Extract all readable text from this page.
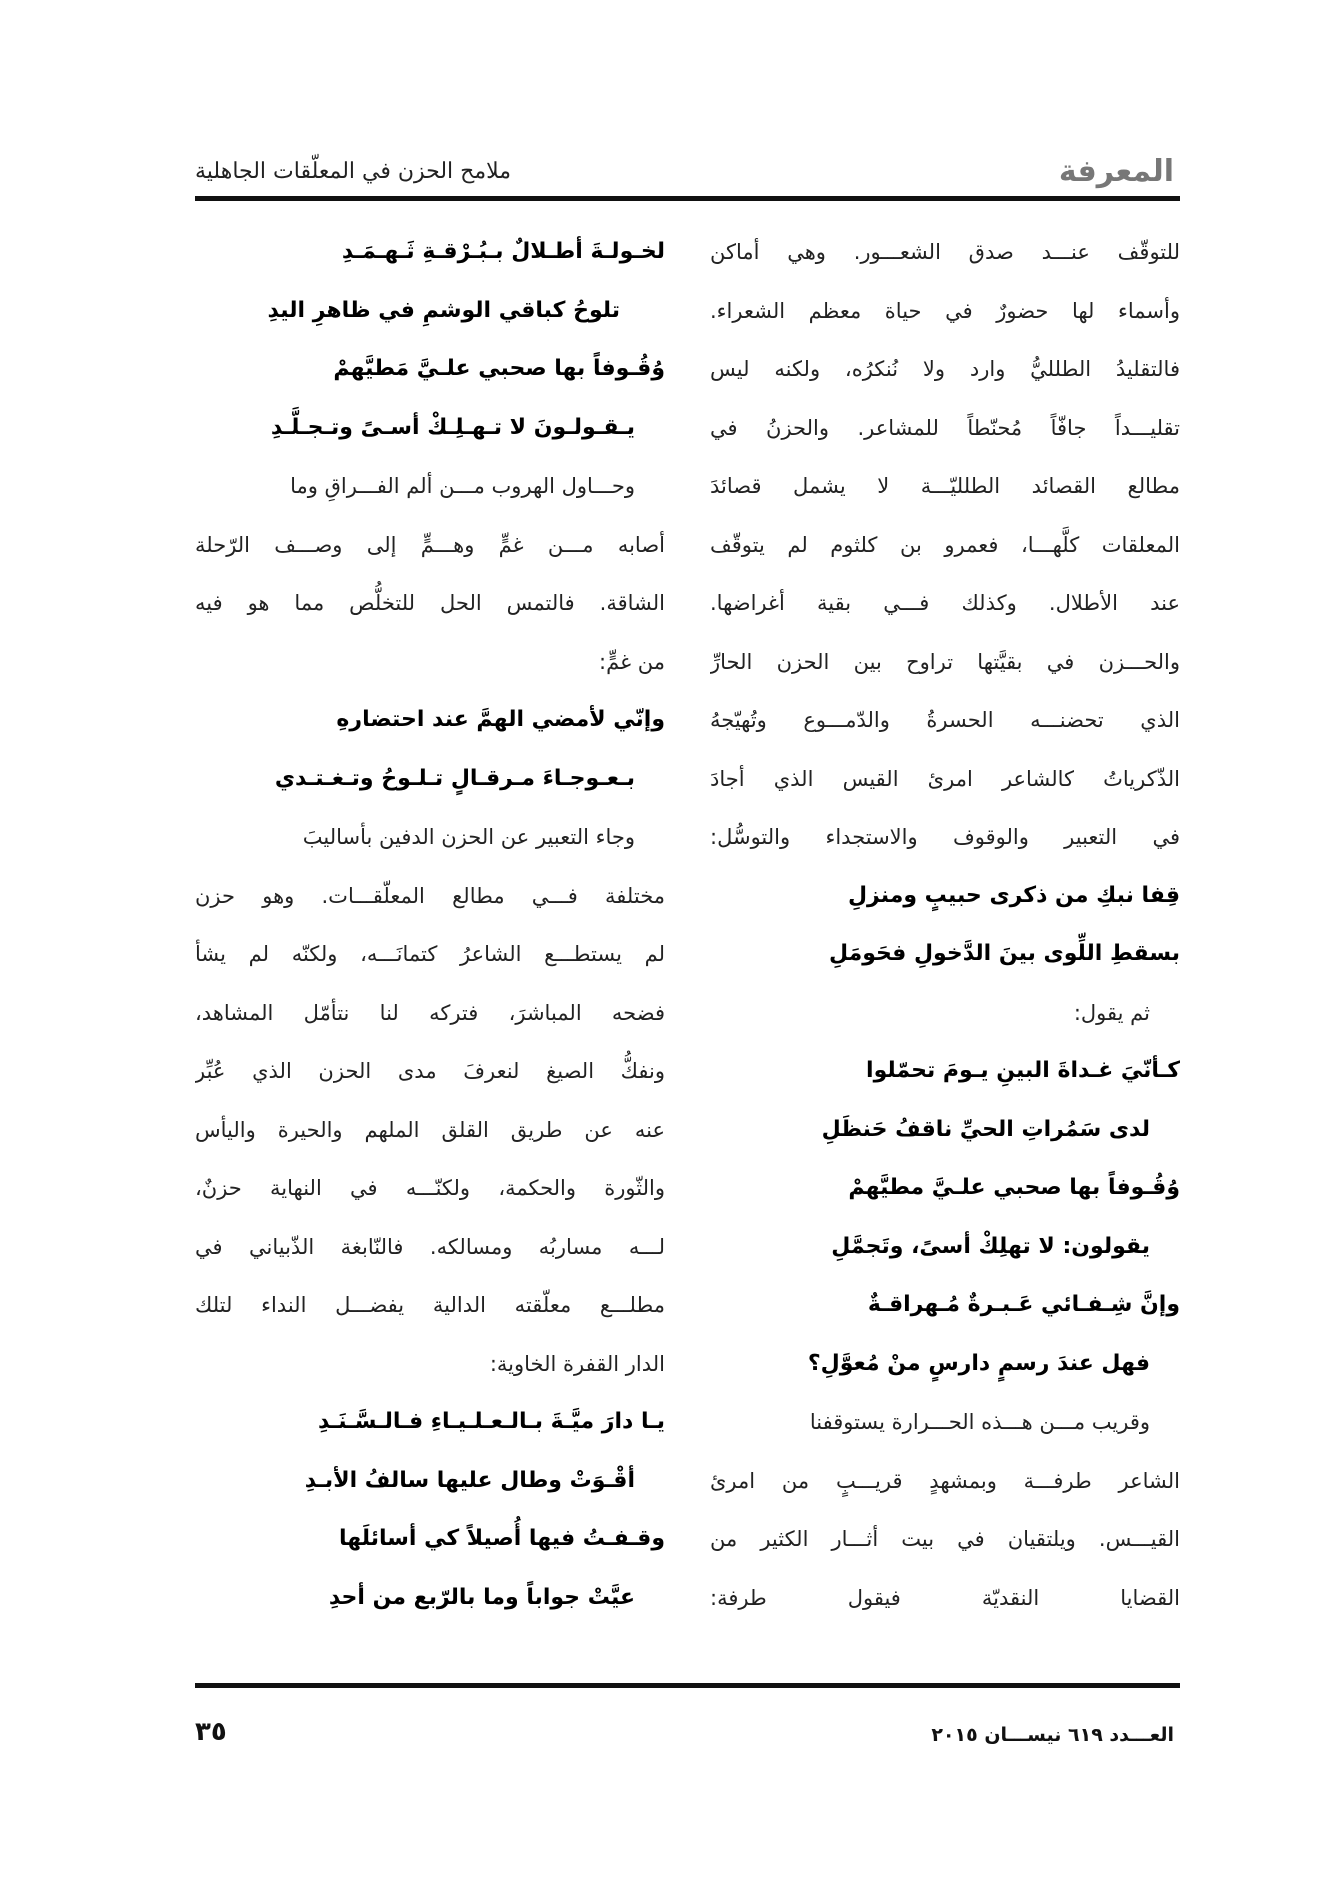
المعرفة
ملامح الحزن في المعلّقات الجاهلية
للتوقّف عنـــد صدق الشعـــور. وهي أماكن
وأسماء لها حضورٌ في حياة معظم الشعراء.
فالتقليدُ الطلليُّ وارد ولا نُنكرُه، ولكنه ليس
تقليـــداً جافّاً مُحنّطاً للمشاعر. والحزنُ في
مطالع القصائد الطلليّـــة لا يشمل قصائدَ
المعلقات كلَّهـــا، فعمرو بن كلثوم لم يتوقّف
عند الأطلال. وكذلك فـــي بقية أغراضها.
والحـــزن في بقيَّتها تراوح بين الحزن الحارِّ
الذي تحضنـــه الحسرةُ والدّمـــوع وتُهيّجهُ
الذّكرياتُ كالشاعر امرئ القيس الذي أجادَ
في التعبير والوقوف والاستجداء والتوسُّل:
قِفا نبكِ من ذكرى حبيبٍ ومنزلِ
بسقطِ اللِّوى بينَ الدَّخولِ فحَومَلِ
ثم يقول:
كـأنّيَ غـداةَ البينِ يـومَ تحمّلوا
لدى سَمُراتِ الحيِّ ناقفُ حَنظَلِ
وُقُـوفاً بها صحبي علـيَّ مطيَّهمْ
يقولون: لا تهلِكْ أسىً، وتَجمَّلِ
وإنَّ شِـفـائي عَـبـرةٌ مُـهراقـةٌ
فهل عندَ رسمٍ دارسٍ منْ مُعوَّلِ؟
وقريب مـــن هـــذه الحـــرارة يستوقفنا
الشاعر طرفـــة وبمشهدٍ قريـــبٍ من امرئ
القيـــس. ويلتقيان في بيت أثـــار الكثير من
القضايا النقديّة فيقول طرفة:
لخـولـةَ أطـلالٌ بـبُـرْقـةِ ثَـهـمَـدِ
تلوحُ كباقي الوشمِ في ظاهرِ اليدِ
وُقُـوفاً بها صحبي علـيَّ مَطيَّهمْ
يـقـولـونَ لا تـهـلِـكْ أسـىً وتـجـلَّـدِ
وحـــاول الهروب مـــن ألم الفـــراقِ وما
أصابه مـــن غمٍّ وهـــمٍّ إلى وصـــف الرّحلة
الشاقة. فالتمس الحل للتخلُّص مما هو فيه
من غمٍّ:
وإنّي لأمضي الهمَّ عند احتضارهِ
بـعـوجـاءَ مـرقـالٍ تـلـوحُ وتـغـتـدي
وجاء التعبير عن الحزن الدفين بأساليبَ
مختلفة فـــي مطالع المعلّقـــات. وهو حزن
لم يستطـــع الشاعرُ كتمانَـــه، ولكنّه لم يشأ
فضحه المباشرَ، فتركه لنا نتأمّل المشاهد،
ونفكُّ الصيغ لنعرفَ مدى الحزن الذي عُبِّر
عنه عن طريق القلق الملهم والحيرة واليأس
والثّورة والحكمة، ولكنّـــه في النهاية حزنٌ،
لـــه مساربُه ومسالكه. فالنّابغة الذّبياني في
مطلـــع معلّقته الدالية يفضـــل النداء لتلك
الدار القفرة الخاوية:
يـا دارَ ميَّـةَ بـالـعـلـيـاءِ فـالـسَّـنَـدِ
أقْـوَتْ وطال عليها سالفُ الأبـدِ
وقـفـتُ فيها أُصيلاً كي أسائلَها
عيَّتْ جواباً وما بالرّبع من أحدِ
العـــدد ٦١٩ نيســـان ٢٠١٥
٣٥
